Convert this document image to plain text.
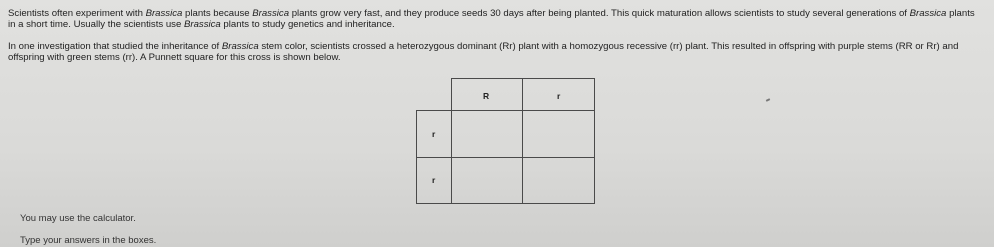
Scientists often experiment with Brassica plants because Brassica plants grow very fast, and they produce seeds 30 days after being planted. This quick maturation allows scientists to study several generations of Brassica plants in a short time. Usually the scientists use Brassica plants to study genetics and inheritance.

In one investigation that studied the inheritance of Brassica stem color, scientists crossed a heterozygous dominant (Rr) plant with a homozygous recessive (rr) plant. This resulted in offspring with purple stems (RR or Rr) and offspring with green stems (rr). A Punnett square for this cross is shown below.

R	r
r
r

You may use the calculator.

Type your answers in the boxes.
